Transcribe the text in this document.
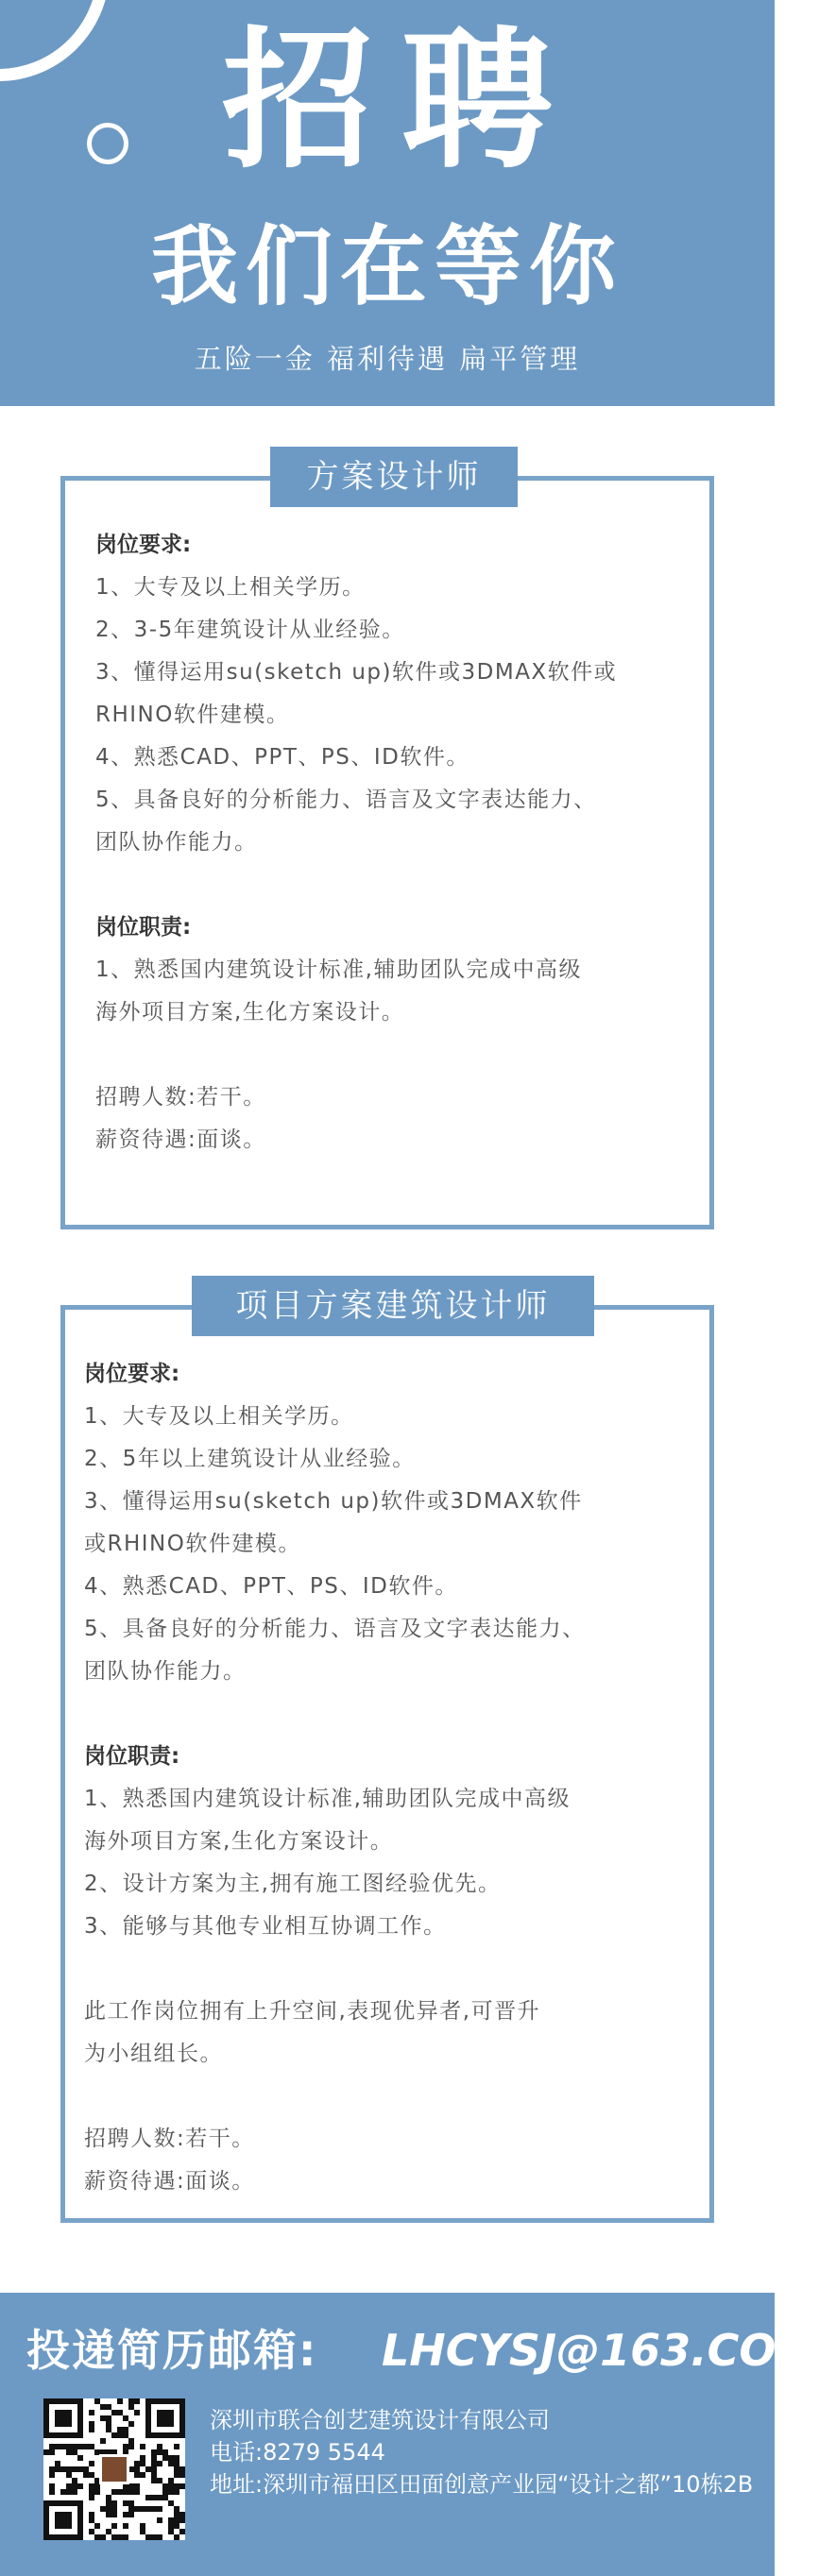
招聘
我们在等你
五险一金 福利待遇 扁平管理
方案设计师
岗位要求:
1、大专及以上相关学历。
2、3-5年建筑设计从业经验。
3、懂得运用su(sketch up)软件或3DMAX软件或
RHINO软件建模。
4、熟悉CAD、PPT、PS、ID软件。
5、具备良好的分析能力、语言及文字表达能力、
团队协作能力。
岗位职责:
1、熟悉国内建筑设计标准,辅助团队完成中高级
海外项目方案,生化方案设计。
招聘人数:若干。
薪资待遇:面谈。
项目方案建筑设计师
岗位要求:
1、大专及以上相关学历。
2、5年以上建筑设计从业经验。
3、懂得运用su(sketch up)软件或3DMAX软件
或RHINO软件建模。
4、熟悉CAD、PPT、PS、ID软件。
5、具备良好的分析能力、语言及文字表达能力、
团队协作能力。
岗位职责:
1、熟悉国内建筑设计标准,辅助团队完成中高级
海外项目方案,生化方案设计。
2、设计方案为主,拥有施工图经验优先。
3、能够与其他专业相互协调工作。
此工作岗位拥有上升空间,表现优异者,可晋升
为小组组长。
招聘人数:若干。
薪资待遇:面谈。
投递简历邮箱: LHCYSJ@163.COM
深圳市联合创艺建筑设计有限公司
电话:8279 5544
地址:深圳市福田区田面创意产业园“设计之都”10栋2B
